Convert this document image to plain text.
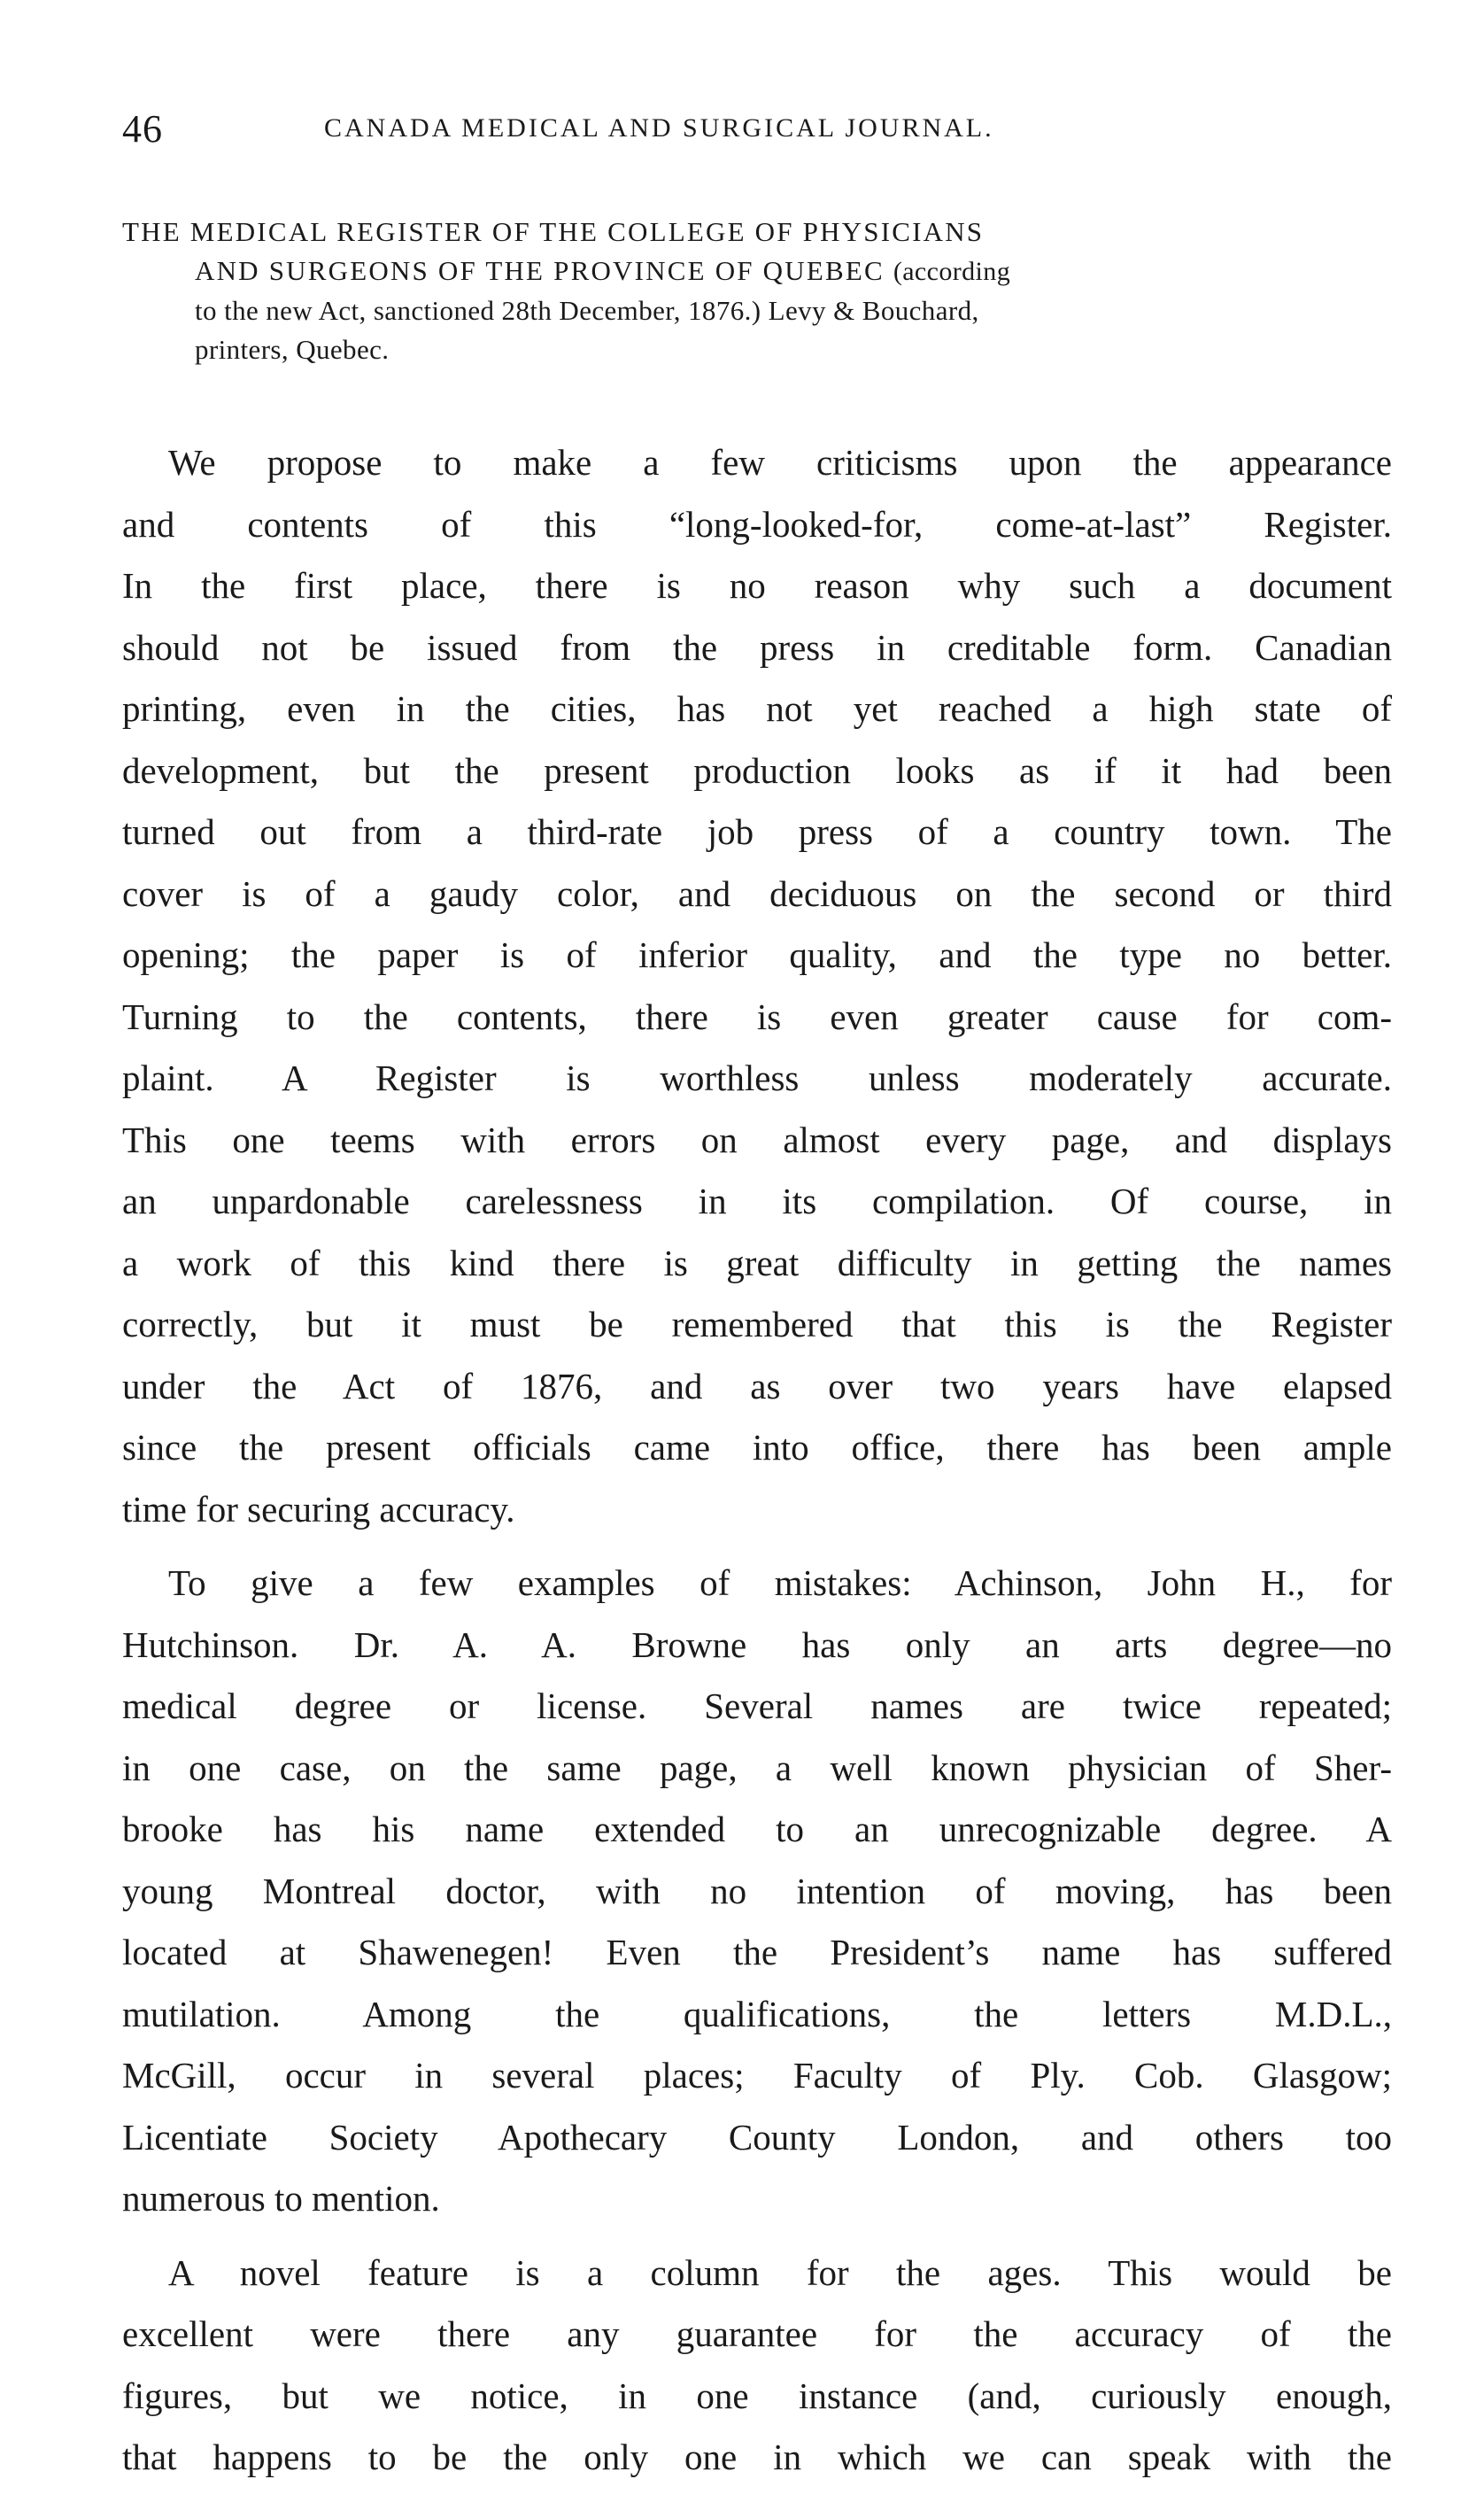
46	CANADA MEDICAL AND SURGICAL JOURNAL.
THE MEDICAL REGISTER OF THE COLLEGE OF PHYSICIANS
AND SURGEONS OF THE PROVINCE OF QUEBEC (according
to the new Act, sanctioned 28th December, 1876.) Levy & Bouchard,
printers, Quebec.
We propose to make a few criticisms upon the appearance
and contents of this “long-looked-for, come-at-last” Register.
In the first place, there is no reason why such a document
should not be issued from the press in creditable form. Canadian
printing, even in the cities, has not yet reached a high state of
development, but the present production looks as if it had been
turned out from a third-rate job press of a country town. The
cover is of a gaudy color, and deciduous on the second or third
opening; the paper is of inferior quality, and the type no better.
Turning to the contents, there is even greater cause for com-
plaint. A Register is worthless unless moderately accurate.
This one teems with errors on almost every page, and displays
an unpardonable carelessness in its compilation. Of course, in
a work of this kind there is great difficulty in getting the names
correctly, but it must be remembered that this is the Register
under the Act of 1876, and as over two years have elapsed
since the present officials came into office, there has been ample
time for securing accuracy.
To give a few examples of mistakes: Achinson, John H., for
Hutchinson. Dr. A. A. Browne has only an arts degree—no
medical degree or license. Several names are twice repeated;
in one case, on the same page, a well known physician of Sher-
brooke has his name extended to an unrecognizable degree. A
young Montreal doctor, with no intention of moving, has been
located at Shawenegen! Even the President’s name has suffered
mutilation. Among the qualifications, the letters M.D.L.,
McGill, occur in several places; Faculty of Ply. Cob. Glasgow;
Licentiate Society Apothecary County London, and others too
numerous to mention.
A novel feature is a column for the ages. This would be
excellent were there any guarantee for the accuracy of the
figures, but we notice, in one instance (and, curiously enough,
that happens to be the only one in which we can speak with the
